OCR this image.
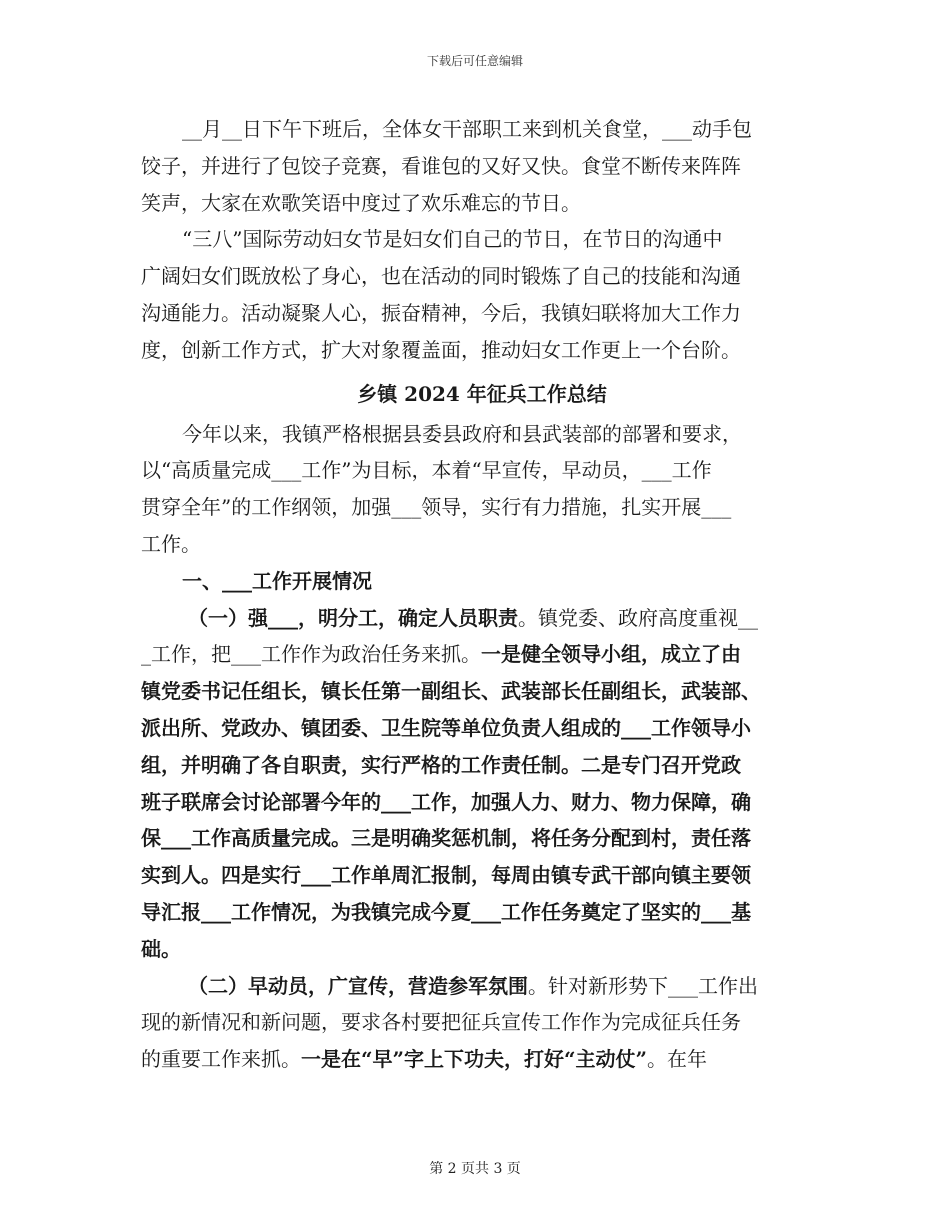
下载后可任意编辑
__月__日下午下班后，全体女干部职工来到机关食堂，___动手包
饺子，并进行了包饺子竞赛，看谁包的又好又快。食堂不断传来阵阵
笑声，大家在欢歌笑语中度过了欢乐难忘的节日。
“三八”国际劳动妇女节是妇女们自己的节日，在节日的沟通中
广阔妇女们既放松了身心，也在活动的同时锻炼了自己的技能和沟通
沟通能力。活动凝聚人心，振奋精神，今后，我镇妇联将加大工作力
度，创新工作方式，扩大对象覆盖面，推动妇女工作更上一个台阶。
乡镇 2024 年征兵工作总结
今年以来，我镇严格根据县委县政府和县武装部的部署和要求，
以“高质量完成___工作”为目标，本着“早宣传，早动员，___工作
贯穿全年”的工作纲领，加强___领导，实行有力措施，扎实开展___
工作。
一、___工作开展情况
（一）强___，明分工，确定人员职责。镇党委、政府高度重视__
_工作，把___工作作为政治任务来抓。一是健全领导小组，成立了由
镇党委书记任组长，镇长任第一副组长、武装部长任副组长，武装部、
派出所、党政办、镇团委、卫生院等单位负责人组成的___工作领导小
组，并明确了各自职责，实行严格的工作责任制。二是专门召开党政
班子联席会讨论部署今年的___工作，加强人力、财力、物力保障，确
保___工作高质量完成。三是明确奖惩机制，将任务分配到村，责任落
实到人。四是实行___工作单周汇报制，每周由镇专武干部向镇主要领
导汇报___工作情况，为我镇完成今夏___工作任务奠定了坚实的___基
础。
（二）早动员，广宣传，营造参军氛围。针对新形势下___工作出
现的新情况和新问题，要求各村要把征兵宣传工作作为完成征兵任务
的重要工作来抓。一是在“早”字上下功夫，打好“主动仗”。在年
第 2 页共 3 页
